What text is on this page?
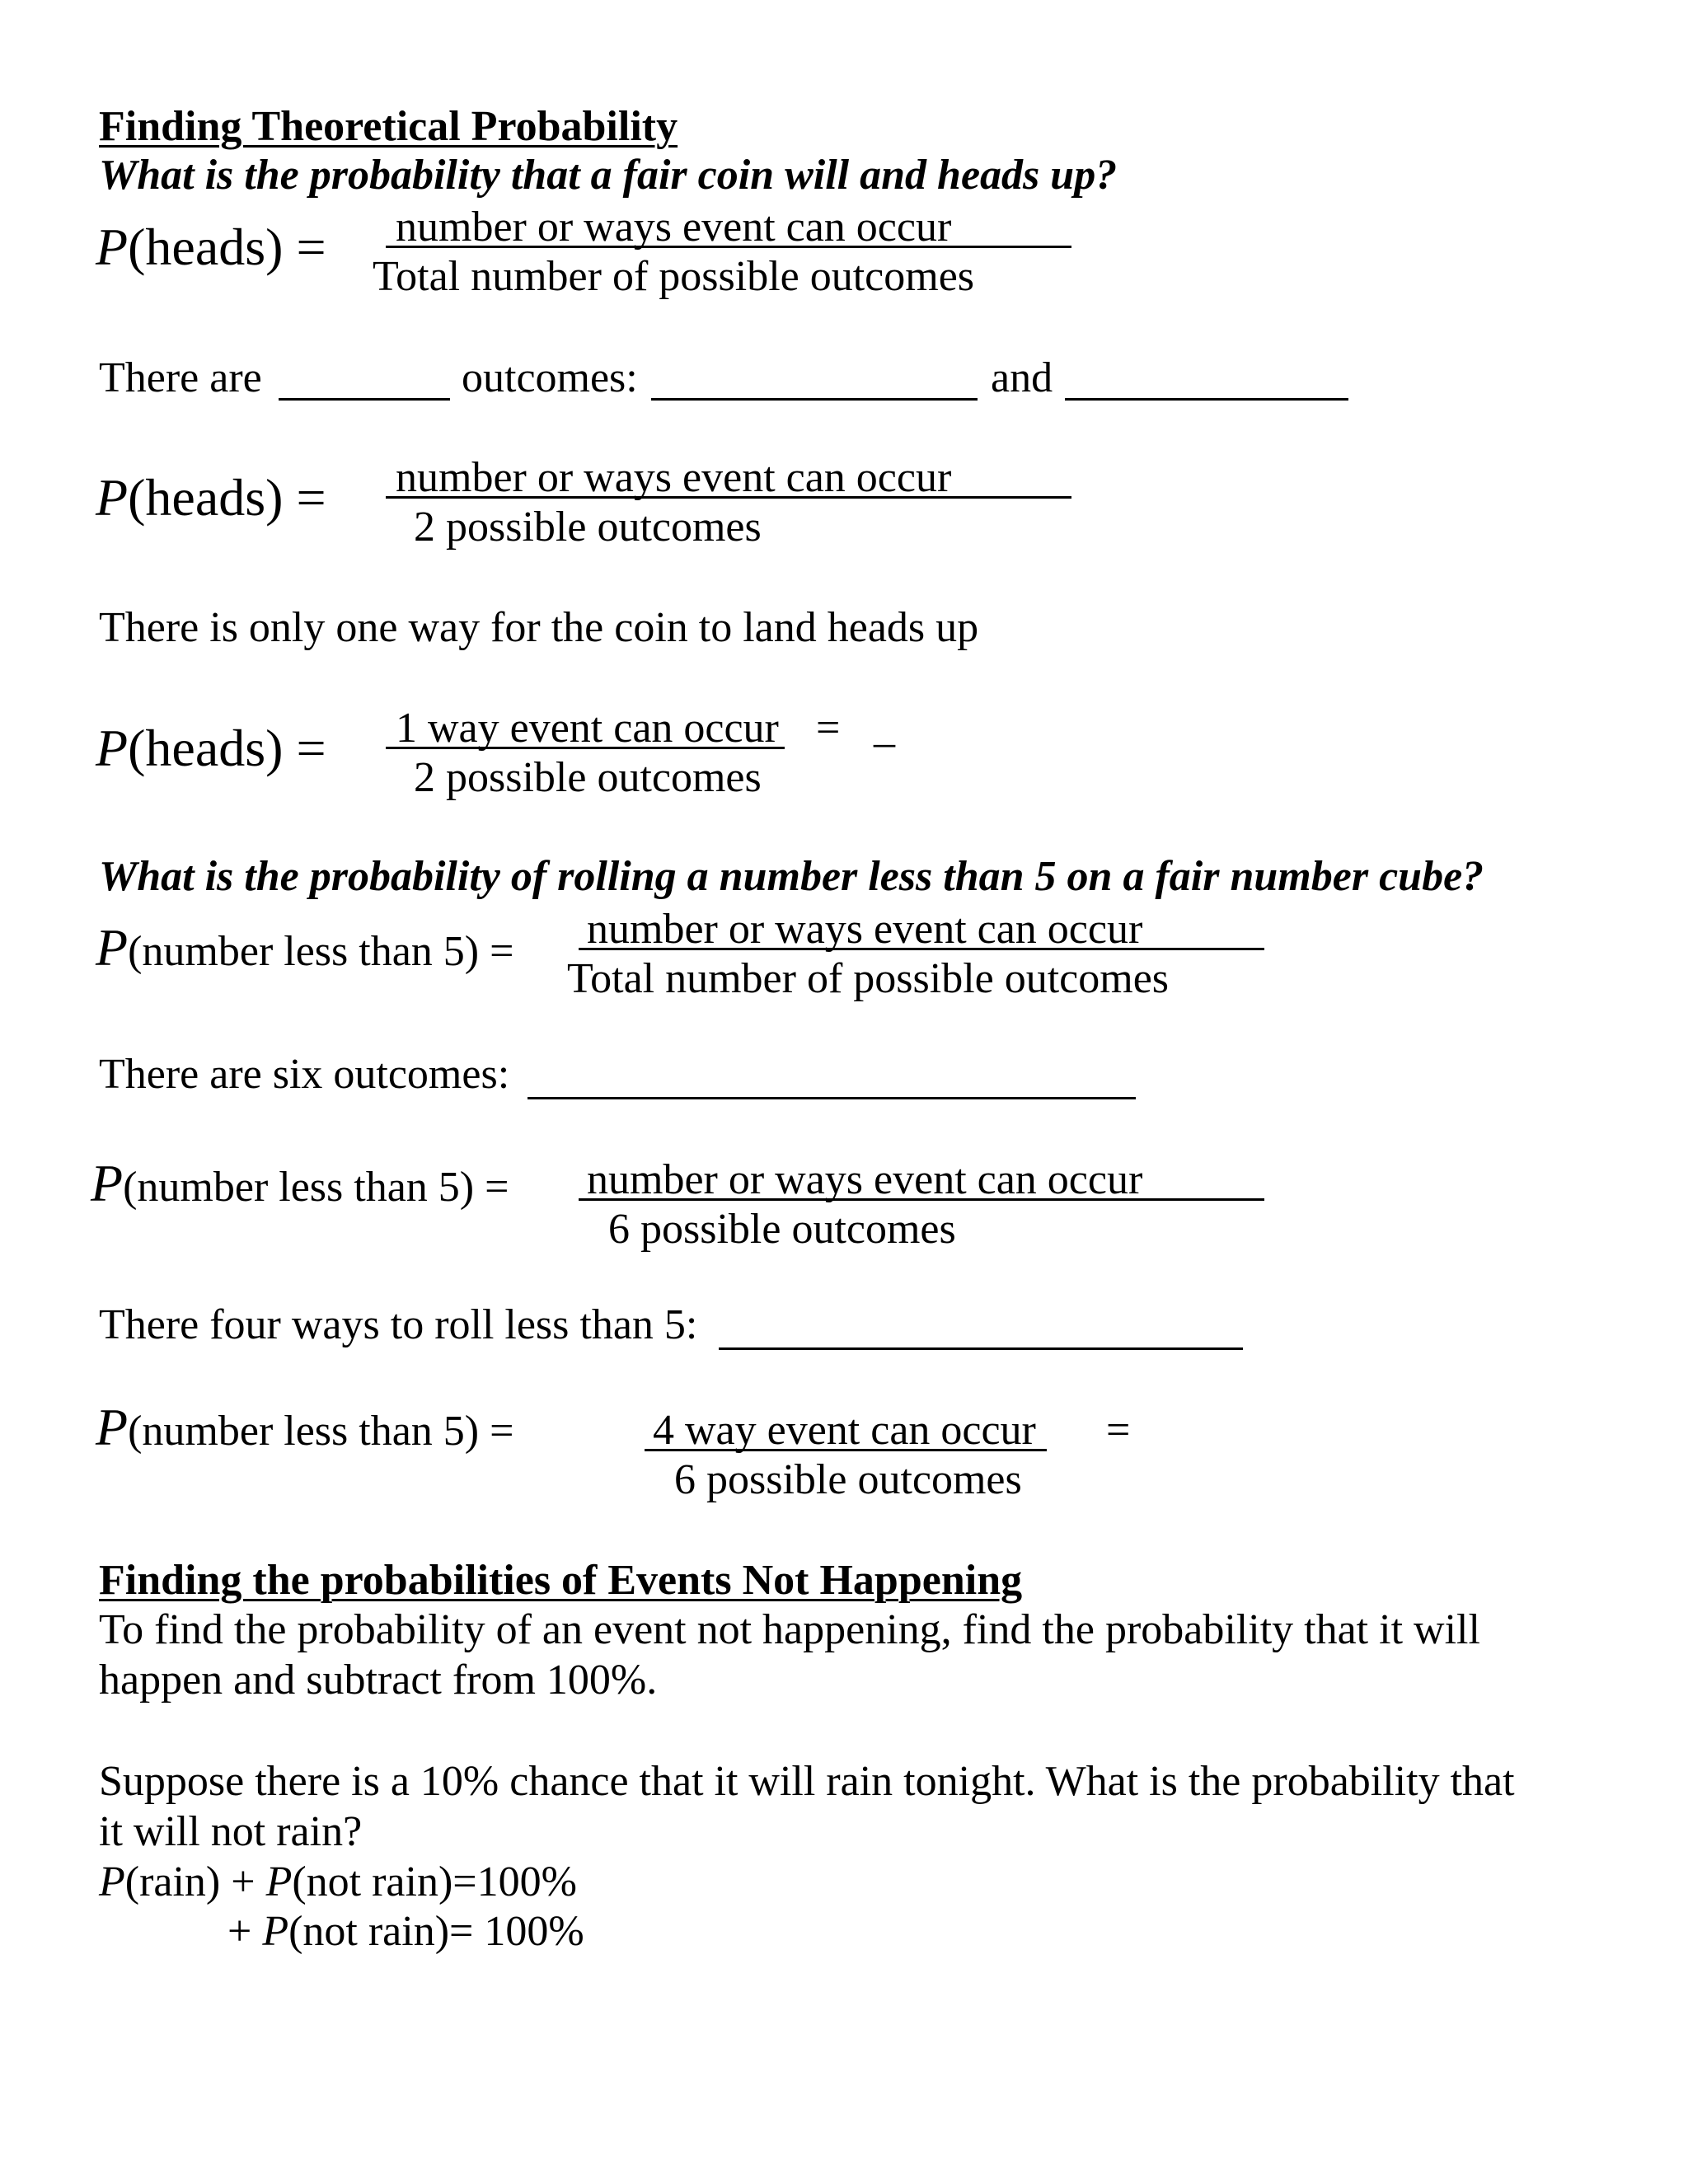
Finding Theoretical Probability
What is the probability that a fair coin will and heads up?
P(heads) = number or ways event can occur
Total number of possible outcomes
There are	outcomes:	and
P(heads) = number or ways event can occur
2 possible outcomes
There is only one way for the coin to land heads up
P(heads) = 1 way event can occur
2 possible outcomes
= _
What is the probability of rolling a number less than 5 on a fair number cube?
P(number less than 5) = number or ways event can occur
Total number of possible outcomes
There are six outcomes:
P(number less than 5) = number or ways event can occur
6 possible outcomes
There four ways to roll less than 5:
P(number less than 5) =	4 way event can occur
6 possible outcomes
=
Finding the probabilities of Events Not Happening
To find the probability of an event not happening, find the probability that it will
happen and subtract from 100%.
Suppose there is a 10% chance that it will rain tonight. What is the probability that
it will not rain?
P(rain) + P(not rain)=100%
+ P(not rain)= 100%
